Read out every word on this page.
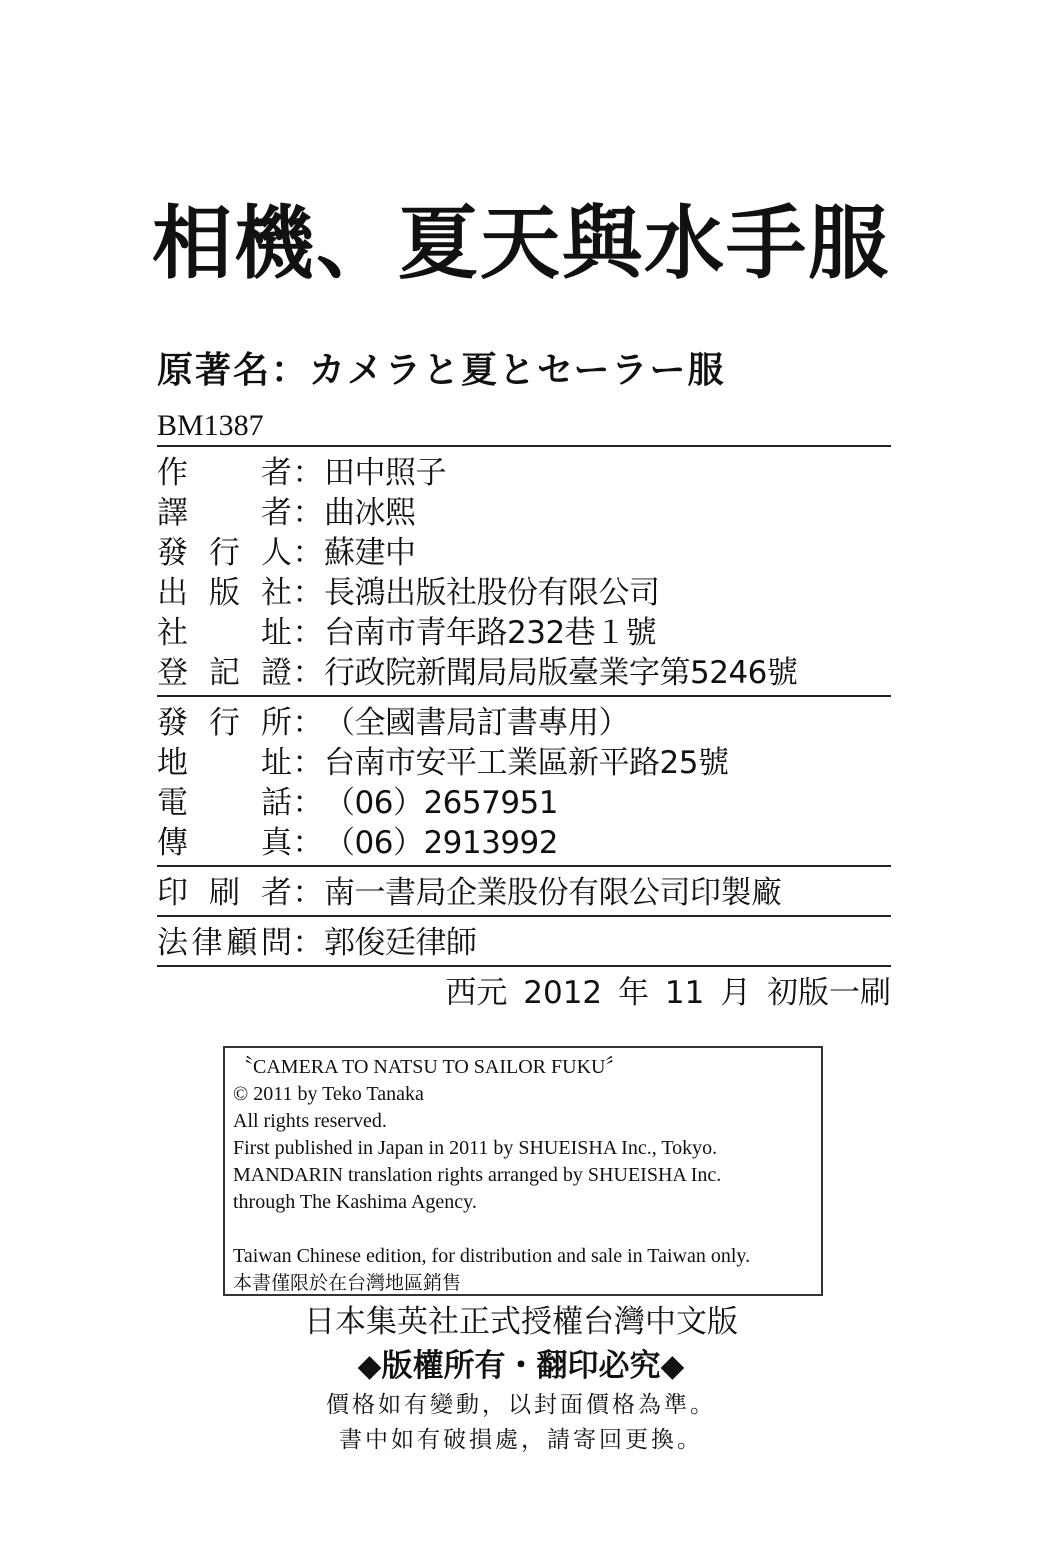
相機、夏天與水手服
原著名：カメラと夏とセーラー服
BM1387
作 者 ： 田中照子
譯 者 ： 曲冰熙
發 行 人 ： 蘇建中
出 版 社 ： 長鴻出版社股份有限公司
社 址 ： 台南市青年路232巷１號
登 記 證 ： 行政院新聞局局版臺業字第5246號
發 行 所 ： （全國書局訂書專用）
地 址 ： 台南市安平工業區新平路25號
電 話 ： （06）2657951
傳 真 ： （06）2913992
印 刷 者 ： 南一書局企業股份有限公司印製廠
法 律 顧 問 ： 郭俊廷律師
西元 2012 年 11 月 初版一刷
〝CAMERA TO NATSU TO SAILOR FUKU〞
© 2011 by Teko Tanaka
All rights reserved.
First published in Japan in 2011 by SHUEISHA Inc., Tokyo.
MANDARIN translation rights arranged by SHUEISHA Inc.
through The Kashima Agency.
Taiwan Chinese edition, for distribution and sale in Taiwan only.
本書僅限於在台灣地區銷售
日本集英社正式授權台灣中文版
◆版權所有・翻印必究◆
價格如有變動，以封面價格為準。
書中如有破損處，請寄回更換。
